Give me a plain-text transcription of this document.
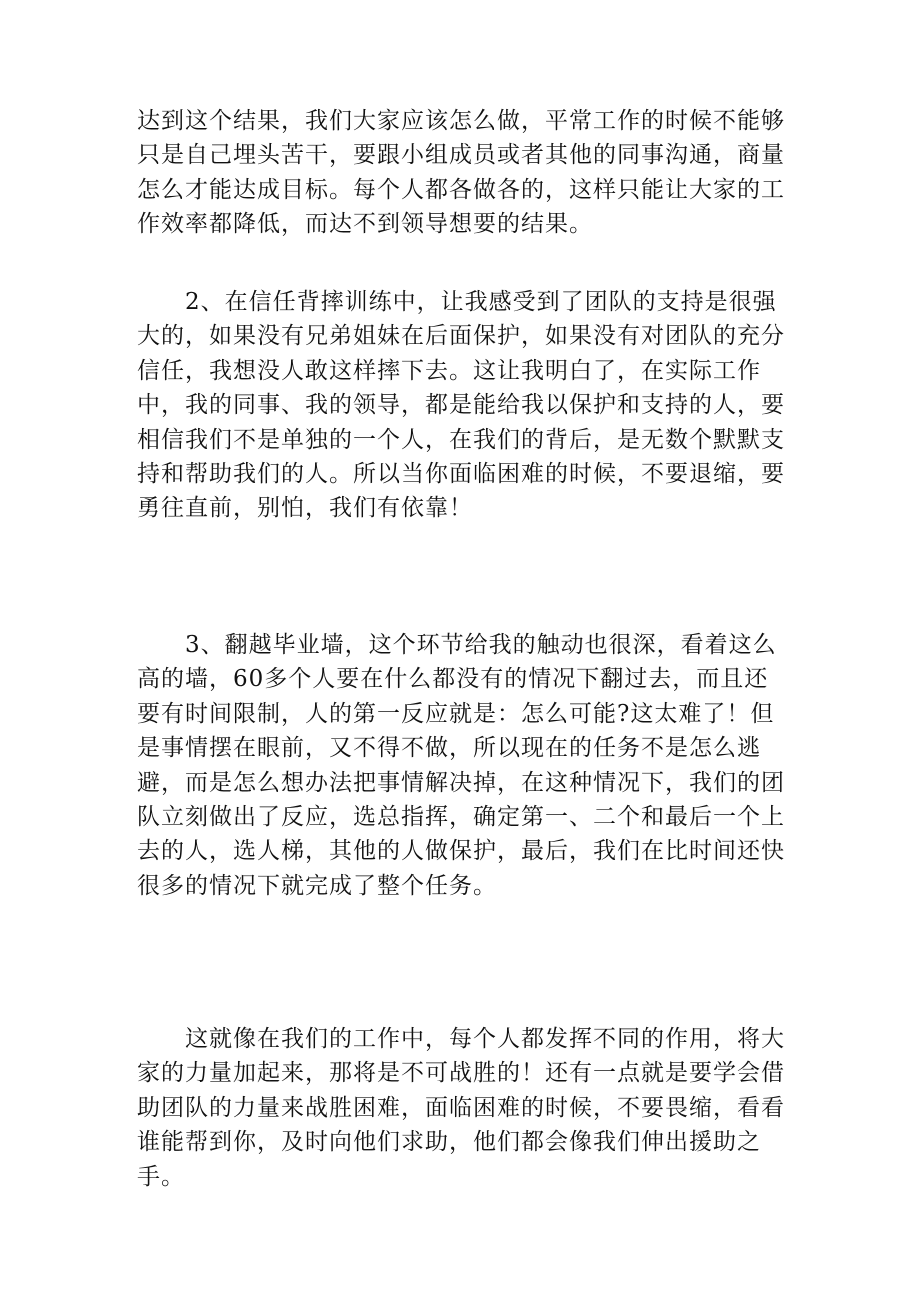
达到这个结果，我们大家应该怎么做，平常工作的时候不能够只是自己埋头苦干，要跟小组成员或者其他的同事沟通，商量怎么才能达成目标。每个人都各做各的，这样只能让大家的工作效率都降低，而达不到领导想要的结果。

2、在信任背摔训练中，让我感受到了团队的支持是很强大的，如果没有兄弟姐妹在后面保护，如果没有对团队的充分信任，我想没人敢这样摔下去。这让我明白了，在实际工作中，我的同事、我的领导，都是能给我以保护和支持的人，要相信我们不是单独的一个人，在我们的背后，是无数个默默支持和帮助我们的人。所以当你面临困难的时候，不要退缩，要勇往直前，别怕，我们有依靠！

3、翻越毕业墙，这个环节给我的触动也很深，看着这么高的墙，60多个人要在什么都没有的情况下翻过去，而且还要有时间限制，人的第一反应就是：怎么可能?这太难了！但是事情摆在眼前，又不得不做，所以现在的任务不是怎么逃避，而是怎么想办法把事情解决掉，在这种情况下，我们的团队立刻做出了反应，选总指挥，确定第一、二个和最后一个上去的人，选人梯，其他的人做保护，最后，我们在比时间还快很多的情况下就完成了整个任务。

这就像在我们的工作中，每个人都发挥不同的作用，将大家的力量加起来，那将是不可战胜的！还有一点就是要学会借助团队的力量来战胜困难，面临困难的时候，不要畏缩，看看谁能帮到你，及时向他们求助，他们都会像我们伸出援助之手。
